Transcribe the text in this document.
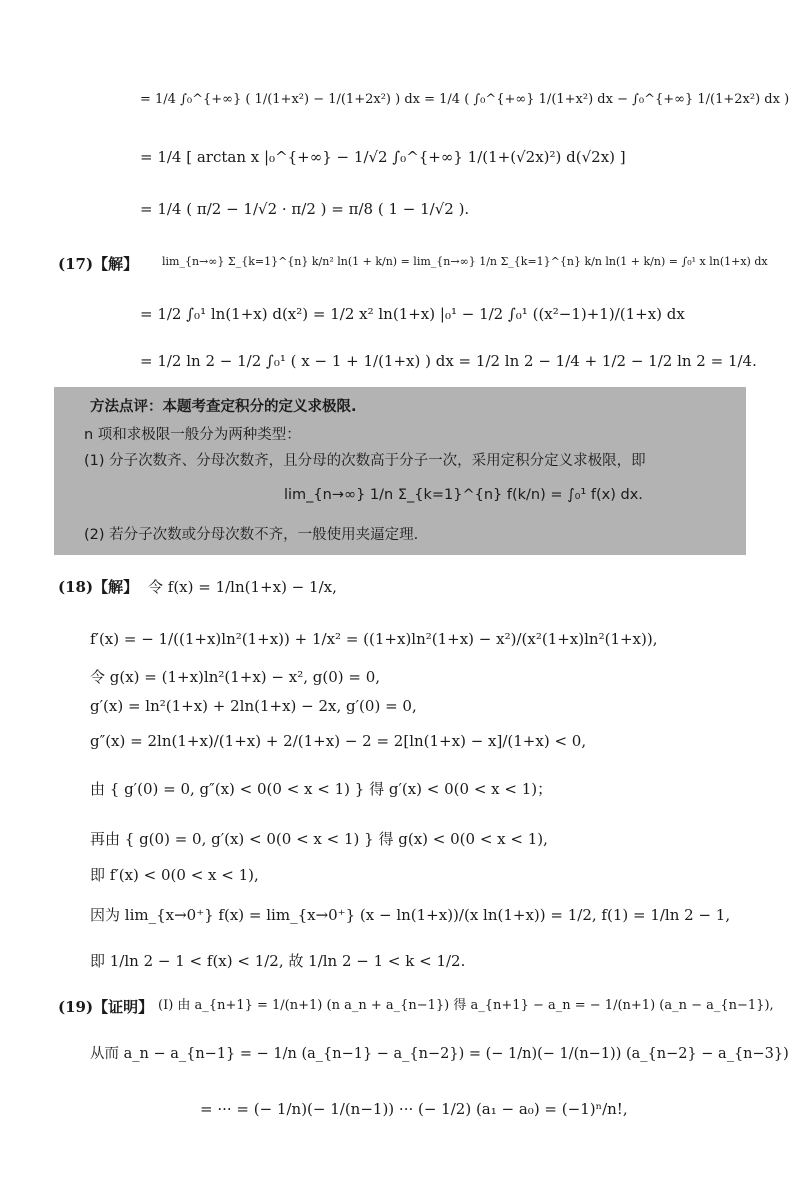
= 1/4 ∫₀^{+∞} ( 1/(1+x²) − 1/(1+2x²) ) dx = 1/4 ( ∫₀^{+∞} 1/(1+x²) dx − ∫₀^{+∞} 1/(1+2x²) dx )
= 1/4 [ arctan x |₀^{+∞} − 1/√2 ∫₀^{+∞} 1/(1+(√2x)²) d(√2x) ]
= 1/4 ( π/2 − 1/√2 · π/2 ) = π/8 ( 1 − 1/√2 ).
(17)【解】 lim_{n→∞} Σ_{k=1}^{n} k/n² ln(1 + k/n) = lim_{n→∞} 1/n Σ_{k=1}^{n} k/n ln(1 + k/n) = ∫₀¹ x ln(1+x) dx
= 1/2 ∫₀¹ ln(1+x) d(x²) = 1/2 x² ln(1+x) |₀¹ − 1/2 ∫₀¹ ((x²−1)+1)/(1+x) dx
= 1/2 ln 2 − 1/2 ∫₀¹ ( x − 1 + 1/(1+x) ) dx = 1/2 ln 2 − 1/4 + 1/2 − 1/2 ln 2 = 1/4.
方法点评：本题考查定积分的定义求极限.
n 项和求极限一般分为两种类型：
(1) 分子次数齐、分母次数齐，且分母的次数高于分子一次，采用定积分定义求极限，即
lim_{n→∞} 1/n Σ_{k=1}^{n} f(k/n) = ∫₀¹ f(x) dx.
(2) 若分子次数或分母次数不齐，一般使用夹逼定理.
(18)【解】 令 f(x) = 1/ln(1+x) − 1/x,
f′(x) = − 1/((1+x)ln²(1+x)) + 1/x² = ((1+x)ln²(1+x) − x²)/(x²(1+x)ln²(1+x)),
令 g(x) = (1+x)ln²(1+x) − x², g(0) = 0,
g′(x) = ln²(1+x) + 2ln(1+x) − 2x, g′(0) = 0,
g″(x) = 2ln(1+x)/(1+x) + 2/(1+x) − 2 = 2[ln(1+x) − x]/(1+x) < 0,
由 { g′(0) = 0, g″(x) < 0(0 < x < 1) } 得 g′(x) < 0(0 < x < 1)；
再由 { g(0) = 0, g′(x) < 0(0 < x < 1) } 得 g(x) < 0(0 < x < 1),
即 f′(x) < 0(0 < x < 1),
因为 lim_{x→0⁺} f(x) = lim_{x→0⁺} (x − ln(1+x))/(x ln(1+x)) = 1/2, f(1) = 1/ln 2 − 1,
即 1/ln 2 − 1 < f(x) < 1/2, 故 1/ln 2 − 1 < k < 1/2.
(19)【证明】 (Ⅰ) 由 a_{n+1} = 1/(n+1) (n a_n + a_{n−1}) 得 a_{n+1} − a_n = − 1/(n+1) (a_n − a_{n−1}),
从而 a_n − a_{n−1} = − 1/n (a_{n−1} − a_{n−2}) = (− 1/n)(− 1/(n−1)) (a_{n−2} − a_{n−3})
= ··· = (− 1/n)(− 1/(n−1)) ··· (− 1/2) (a₁ − a₀) = (−1)ⁿ/n!,
